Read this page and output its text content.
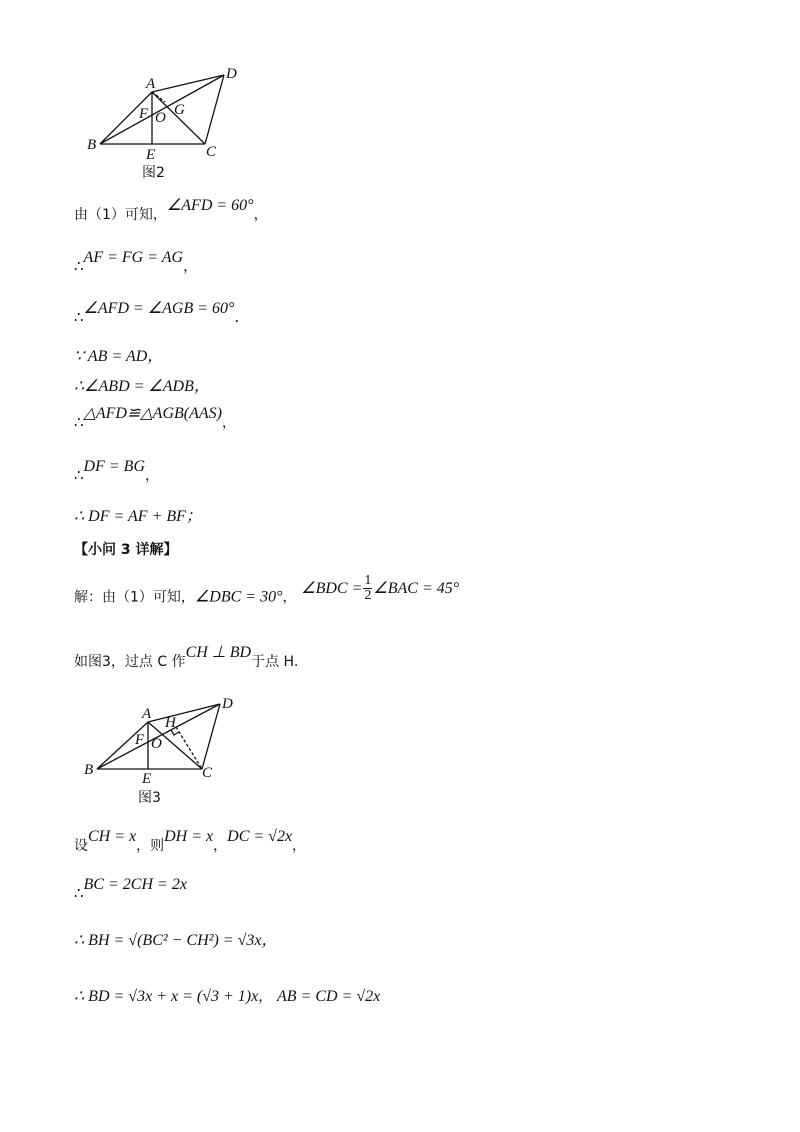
A
B	C
D
E
F G
O
图2
由（1）可知，∠AFD = 60°，
∴AF = FG = AG，
∴∠AFD = ∠AGB = 60°.
∵ AB = AD，
∴∠ABD = ∠ADB，
∴△AFD≌△AGB(AAS)，
∴DF = BG，
∴ DF = AF + BF；
【小问 3 详解】
解：由（1）可知，∠DBC = 30°， ∠BDC = $\frac{1}{2}$ ∠BAC = 45°
如图3，过点 C 作CH ⊥ BD于点 H.
A
B	C
D
E
F
H
O
图3
设CH = x，则DH = x，DC = √2x，
∴BC = 2CH = 2x
∴ BH = √(BC² − CH²) = √3x，
∴ BD = √3x + x = (√3 + 1)x， AB = CD = √2x
